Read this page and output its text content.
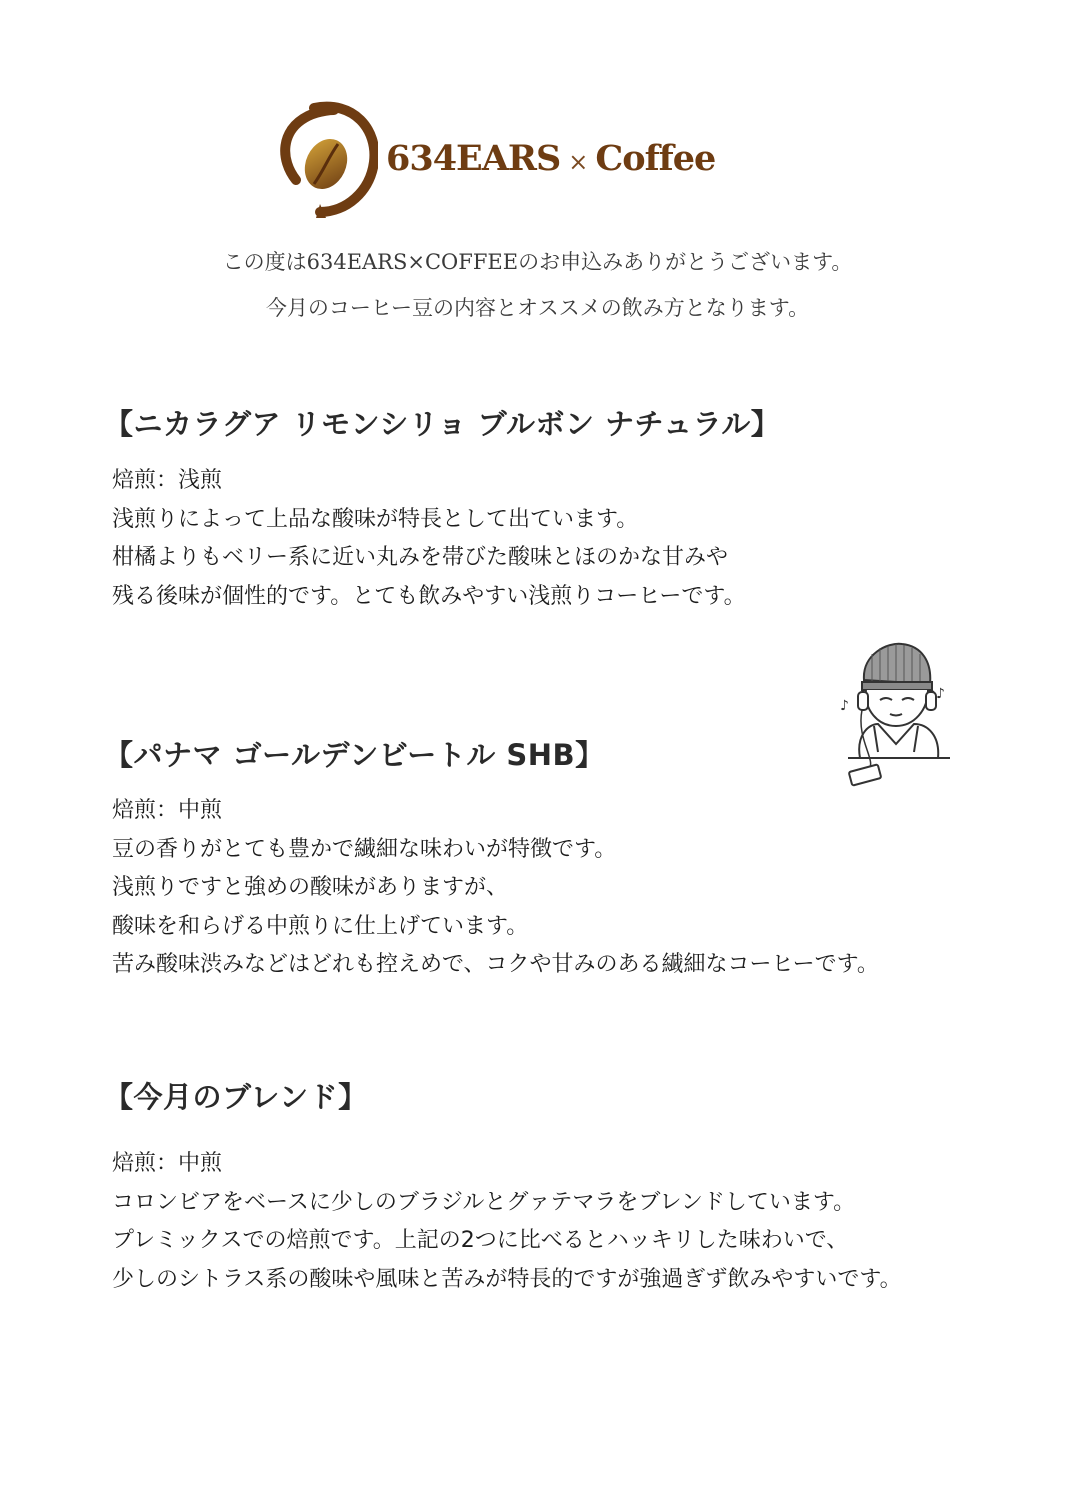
634EARS × Coffee
この度は634EARS×COFFEEのお申込みありがとうございます。
今月のコーヒー豆の内容とオススメの飲み方となります。
【ニカラグア リモンシリョ ブルボン ナチュラル】
焙煎：浅煎
浅煎りによって上品な酸味が特長として出ています。
柑橘よりもベリー系に近い丸みを帯びた酸味とほのかな甘みや
残る後味が個性的です。とても飲みやすい浅煎りコーヒーです。
♪
♪
【パナマ ゴールデンビートル SHB】
焙煎：中煎
豆の香りがとても豊かで繊細な味わいが特徴です。
浅煎りですと強めの酸味がありますが、
酸味を和らげる中煎りに仕上げています。
苦み酸味渋みなどはどれも控えめで、コクや甘みのある繊細なコーヒーです。
【今月のブレンド】
焙煎：中煎
コロンビアをベースに少しのブラジルとグァテマラをブレンドしています。
プレミックスでの焙煎です。上記の2つに比べるとハッキリした味わいで、
少しのシトラス系の酸味や風味と苦みが特長的ですが強過ぎず飲みやすいです。
